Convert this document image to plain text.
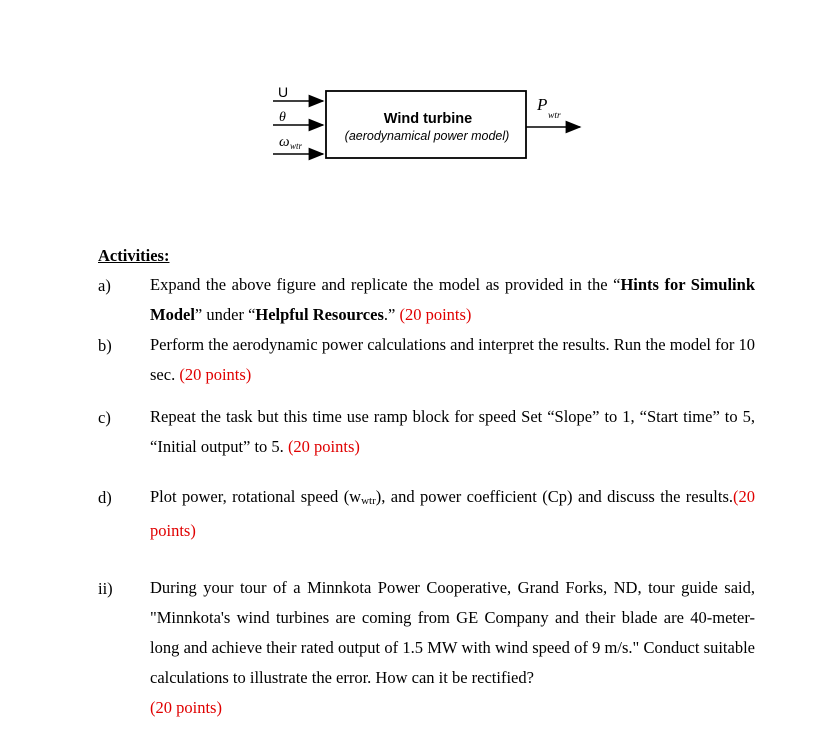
U
θ
ω wtr
Wind turbine
(aerodynamical power model)
P
wtr
Activities:
a) Expand the above figure and replicate the model as provided in the “Hints for Simulink Model” under “Helpful Resources.” (20 points)
b) Perform the aerodynamic power calculations and interpret the results. Run the model for 10 sec. (20 points)
c) Repeat the task but this time use ramp block for speed Set “Slope” to 1, “Start time” to 5, “Initial output” to 5. (20 points)
d) Plot power, rotational speed $(w_{wtr})$, and power coefficient (Cp) and discuss the results.(20 points)
ii) During your tour of a Minnkota Power Cooperative, Grand Forks, ND, tour guide said, "Minnkota's wind turbines are coming from GE Company and their blade are 40-meter-long and achieve their rated output of 1.5 MW with wind speed of 9 m/s." Conduct suitable calculations to illustrate the error. How can it be rectified?
(20 points)
